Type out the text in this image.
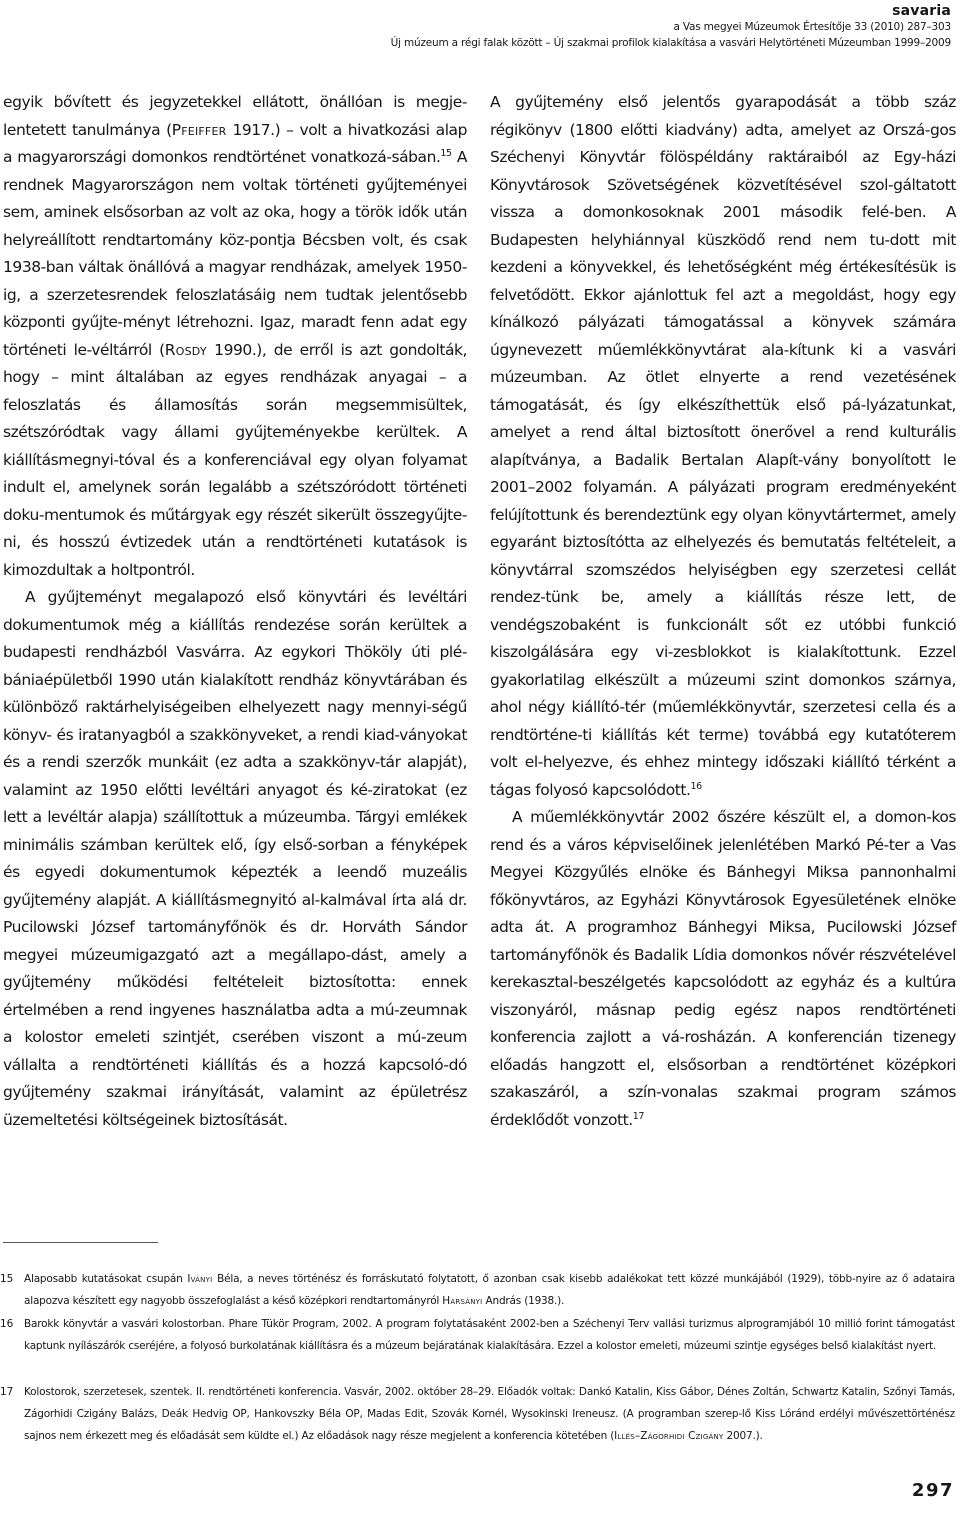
savaria
a Vas megyei Múzeumok Értesítője 33 (2010) 287–303
Új múzeum a régi falak között – Új szakmai profilok kialakítása a vasvári Helytörténeti Múzeumban 1999–2009

egyik bővített és jegyzetekkel ellátott, önállóan is megje-lentetett tanulmánya (Pfeiffer 1917.) – volt a hivatkozási alap a magyarországi domonkos rendtörténet vonatkozá-sában.$^{15}$ A rendnek Magyarországon nem voltak történeti gyűjteményei sem, aminek elsősorban az volt az oka, hogy a török idők után helyreállított rendtartomány köz-pontja Bécsben volt, és csak 1938-ban váltak önállóvá a magyar rendházak, amelyek 1950-ig, a szerzetesrendek feloszlatásáig nem tudtak jelentősebb központi gyűjte-ményt létrehozni. Igaz, maradt fenn adat egy történeti le-véltárról (Rosdy 1990.), de erről is azt gondolták, hogy – mint általában az egyes rendházak anyagai – a feloszlatás és államosítás során megsemmisültek, szétszóródtak vagy állami gyűjteményekbe kerültek. A kiállításmegnyi-tóval és a konferenciával egy olyan folyamat indult el, amelynek során legalább a szétszóródott történeti doku-mentumok és műtárgyak egy részét sikerült összegyűjte-ni, és hosszú évtizedek után a rendtörténeti kutatások is kimozdultak a holtpontról.

A gyűjteményt megalapozó első könyvtári és levéltári dokumentumok még a kiállítás rendezése során kerültek a budapesti rendházból Vasvárra. Az egykori Thököly úti plé-bániaépületből 1990 után kialakított rendház könyvtárában és különböző raktárhelyiségeiben elhelyezett nagy mennyi-ségű könyv- és iratanyagból a szakkönyveket, a rendi kiad-ványokat és a rendi szerzők munkáit (ez adta a szakkönyv-tár alapját), valamint az 1950 előtti levéltári anyagot és ké-ziratokat (ez lett a levéltár alapja) szállítottuk a múzeumba. Tárgyi emlékek minimális számban kerültek elő, így első-sorban a fényképek és egyedi dokumentumok képezték a leendő muzeális gyűjtemény alapját. A kiállításmegnyitó al-kalmával írta alá dr. Pucilowski József tartományfőnök és dr. Horváth Sándor megyei múzeumigazgató azt a megállapo-dást, amely a gyűjtemény működési feltételeit biztosította: ennek értelmében a rend ingyenes használatba adta a mú-zeumnak a kolostor emeleti szintjét, cserében viszont a mú-zeum vállalta a rendtörténeti kiállítás és a hozzá kapcsoló-dó gyűjtemény szakmai irányítását, valamint az épületrész üzemeltetési költségeinek biztosítását.

A gyűjtemény első jelentős gyarapodását a több száz régikönyv (1800 előtti kiadvány) adta, amelyet az Orszá-gos Széchenyi Könyvtár fölöspéldány raktáraiból az Egy-házi Könyvtárosok Szövetségének közvetítésével szol-gáltatott vissza a domonkosoknak 2001 második felé-ben. A Budapesten helyhiánnyal küszködő rend nem tu-dott mit kezdeni a könyvekkel, és lehetőségként még értékesítésük is felvetődött. Ekkor ajánlottuk fel azt a megoldást, hogy egy kínálkozó pályázati támogatással a könyvek számára úgynevezett műemlékkönyvtárat ala-kítunk ki a vasvári múzeumban. Az ötlet elnyerte a rend vezetésének támogatását, és így elkészíthettük első pá-lyázatunkat, amelyet a rend által biztosított önerővel a rend kulturális alapítványa, a Badalik Bertalan Alapít-vány bonyolított le 2001–2002 folyamán. A pályázati program eredményeként felújítottunk és berendeztünk egy olyan könyvtártermet, amely egyaránt biztosítótta az elhelyezés és bemutatás feltételeit, a könyvtárral szomszédos helyiségben egy szerzetesi cellát rendez-tünk be, amely a kiállítás része lett, de vendégszobaként is funkcionált sőt ez utóbbi funkció kiszolgálására egy vi-zesblokkot is kialakítottunk. Ezzel gyakorlatilag elkészült a múzeumi szint domonkos szárnya, ahol négy kiállító-tér (műemlékkönyvtár, szerzetesi cella és a rendtörténe-ti kiállítás két terme) továbbá egy kutatóterem volt el-helyezve, és ehhez mintegy időszaki kiállító térként a tágas folyosó kapcsolódott.$^{16}$

A műemlékkönyvtár 2002 őszére készült el, a domon-kos rend és a város képviselőinek jelenlétében Markó Pé-ter a Vas Megyei Közgyűlés elnöke és Bánhegyi Miksa pannonhalmi főkönyvtáros, az Egyházi Könyvtárosok Egyesületének elnöke adta át. A programhoz Bánhegyi Miksa, Pucilowski József tartományfőnök és Badalik Lídia domonkos nővér részvételével kerekasztal-beszélgetés kapcsolódott az egyház és a kultúra viszonyáról, másnap pedig egész napos rendtörténeti konferencia zajlott a vá-rosházán. A konferencián tizenegy előadás hangzott el, elsősorban a rendtörténet középkori szakaszáról, a szín-vonalas szakmai program számos érdeklődőt vonzott.$^{17}$

15	Alaposabb kutatásokat csupán Iványi Béla, a neves történész és forráskutató folytatott, ő azonban csak kisebb adalékokat tett közzé munkájából (1929), több-nyire az ő adataira alapozva készített egy nagyobb összefoglalást a késő középkori rendtartományról Harsányi András (1938.).
16	Barokk könyvtár a vasvári kolostorban. Phare Tükör Program, 2002. A program folytatásaként 2002-ben a Széchenyi Terv vallási turizmus alprogramjából 10 millió forint támogatást kaptunk nyílászárók cseréjére, a folyosó burkolatának kiállításra és a múzeum bejáratának kialakítására. Ezzel a kolostor emeleti, múzeumi szintje egységes belső kialakítást nyert.
17	Kolostorok, szerzetesek, szentek. II. rendtörténeti konferencia. Vasvár, 2002. október 28–29. Előadók voltak: Dankó Katalin, Kiss Gábor, Dénes Zoltán, Schwartz Katalin, Szőnyi Tamás, Zágorhidi Czigány Balázs, Deák Hedvig OP, Hankovszky Béla OP, Madas Edit, Szovák Kornél, Wysokinski Ireneusz. (A programban szerep-lő Kiss Lóránd erdélyi művészettörténész sajnos nem érkezett meg és előadását sem küldte el.) Az előadások nagy része megjelent a konferencia kötetében (Illés–Zágorhidi Czigány 2007.).
297
